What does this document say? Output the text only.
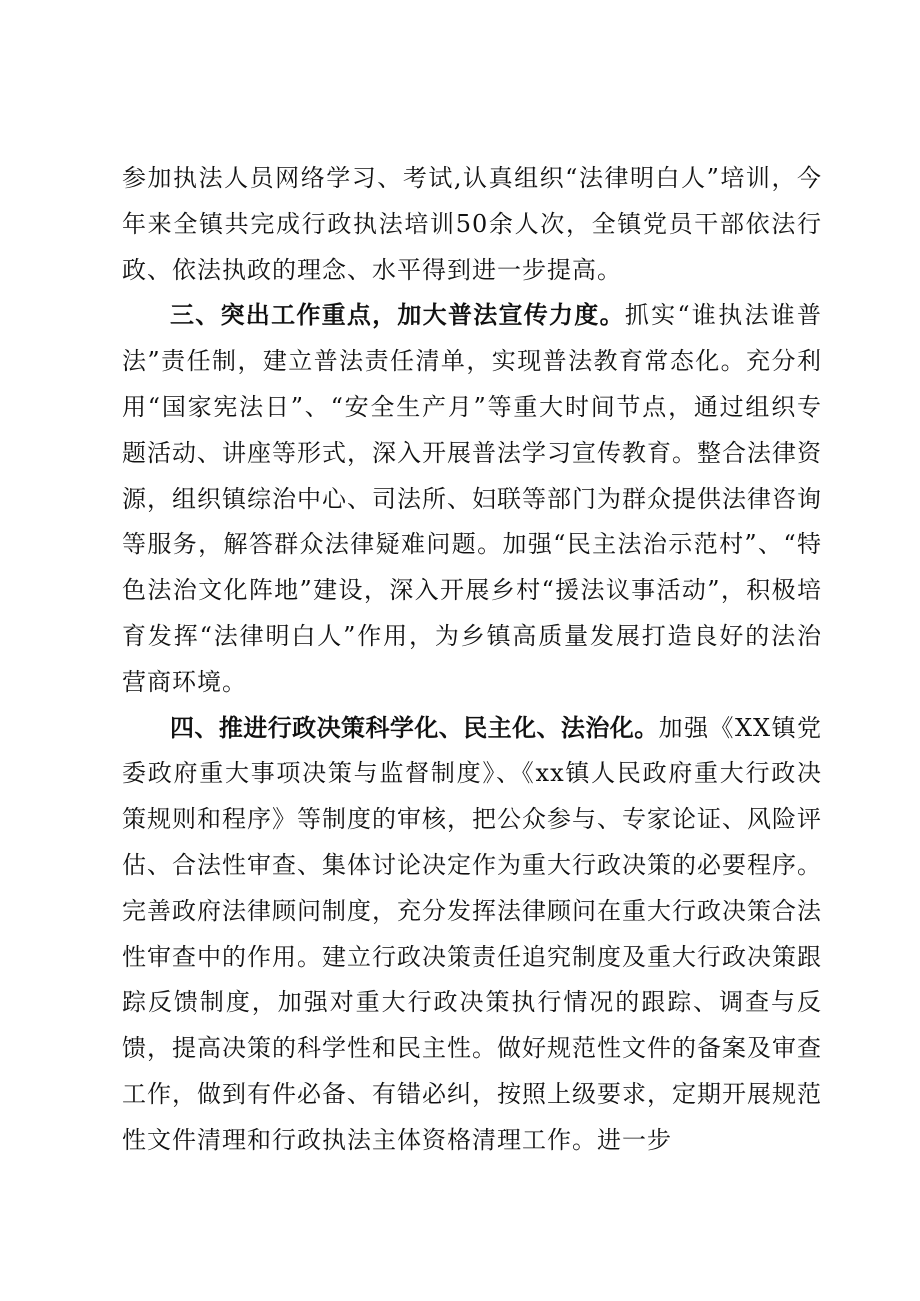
参加执法人员网络学习、考试,认真组织“法律明白人”培训，今年来全镇共完成行政执法培训50余人次，全镇党员干部依法行政、依法执政的理念、水平得到进一步提高。

三、突出工作重点，加大普法宣传力度。抓实“谁执法谁普法”责任制，建立普法责任清单，实现普法教育常态化。充分利用“国家宪法日”、“安全生产月”等重大时间节点，通过组织专题活动、讲座等形式，深入开展普法学习宣传教育。整合法律资源，组织镇综治中心、司法所、妇联等部门为群众提供法律咨询等服务，解答群众法律疑难问题。加强“民主法治示范村”、“特色法治文化阵地”建设，深入开展乡村“援法议事活动”，积极培育发挥“法律明白人”作用，为乡镇高质量发展打造良好的法治营商环境。

四、推进行政决策科学化、民主化、法治化。加强《XX镇党委政府重大事项决策与监督制度》、《xx镇人民政府重大行政决策规则和程序》等制度的审核，把公众参与、专家论证、风险评估、合法性审查、集体讨论决定作为重大行政决策的必要程序。完善政府法律顾问制度，充分发挥法律顾问在重大行政决策合法性审查中的作用。建立行政决策责任追究制度及重大行政决策跟踪反馈制度，加强对重大行政决策执行情况的跟踪、调查与反馈，提高决策的科学性和民主性。做好规范性文件的备案及审查工作，做到有件必备、有错必纠，按照上级要求，定期开展规范性文件清理和行政执法主体资格清理工作。进一步
